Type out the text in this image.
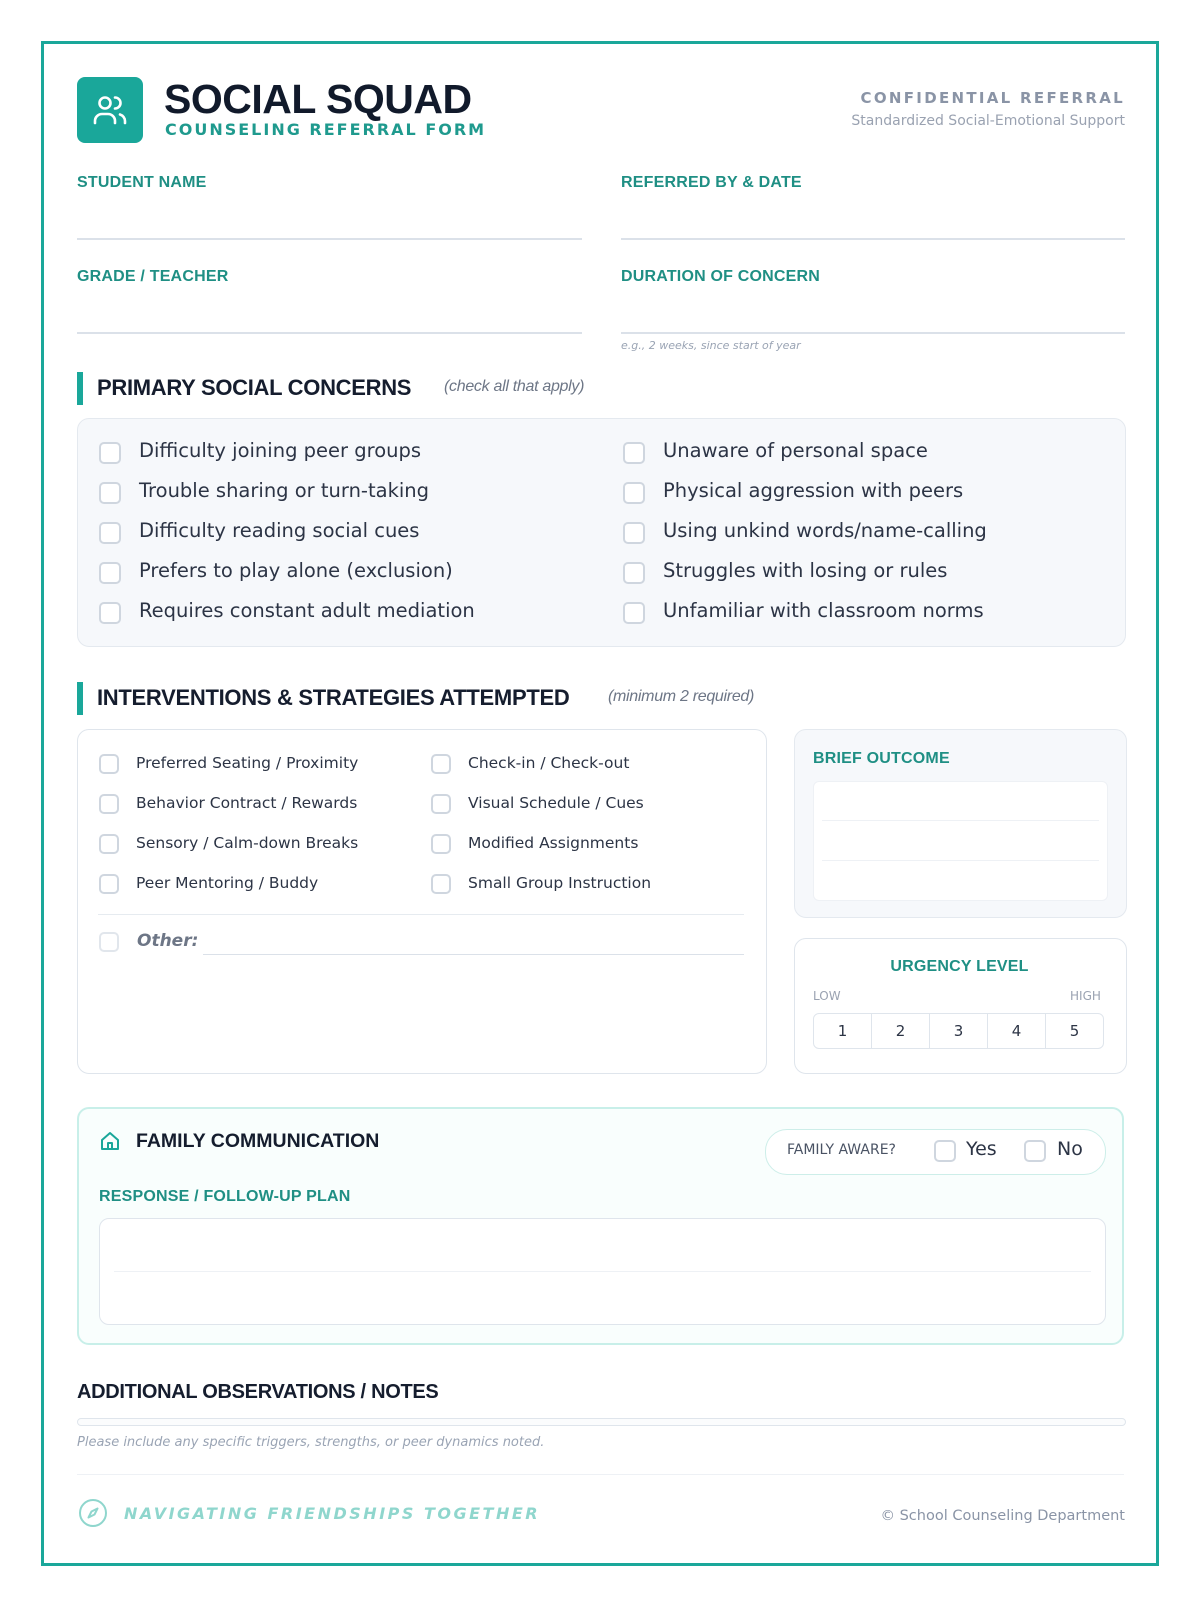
SOCIAL SQUAD
COUNSELING REFERRAL FORM
CONFIDENTIAL REFERRAL
Standardized Social-Emotional Support
STUDENT NAME	REFERRED BY & DATE
GRADE / TEACHER	DURATION OF CONCERN
e.g., 2 weeks, since start of year
PRIMARY SOCIAL CONCERNS (check all that apply)
Difficulty joining peer groups
Trouble sharing or turn-taking
Difficulty reading social cues
Prefers to play alone (exclusion)
Requires constant adult mediation
Unaware of personal space
Physical aggression with peers
Using unkind words/name-calling
Struggles with losing or rules
Unfamiliar with classroom norms
INTERVENTIONS & STRATEGIES ATTEMPTED (minimum 2 required)
Preferred Seating / Proximity
Behavior Contract / Rewards
Sensory / Calm-down Breaks
Peer Mentoring / Buddy
Check-in / Check-out
Visual Schedule / Cues
Modified Assignments
Small Group Instruction
Other:
BRIEF OUTCOME
URGENCY LEVEL
LOW	HIGH
1	2	3	4	5
FAMILY COMMUNICATION	FAMILY AWARE?	Yes	No
RESPONSE / FOLLOW-UP PLAN
ADDITIONAL OBSERVATIONS / NOTES
Please include any specific triggers, strengths, or peer dynamics noted.
NAVIGATING FRIENDSHIPS TOGETHER	© School Counseling Department
